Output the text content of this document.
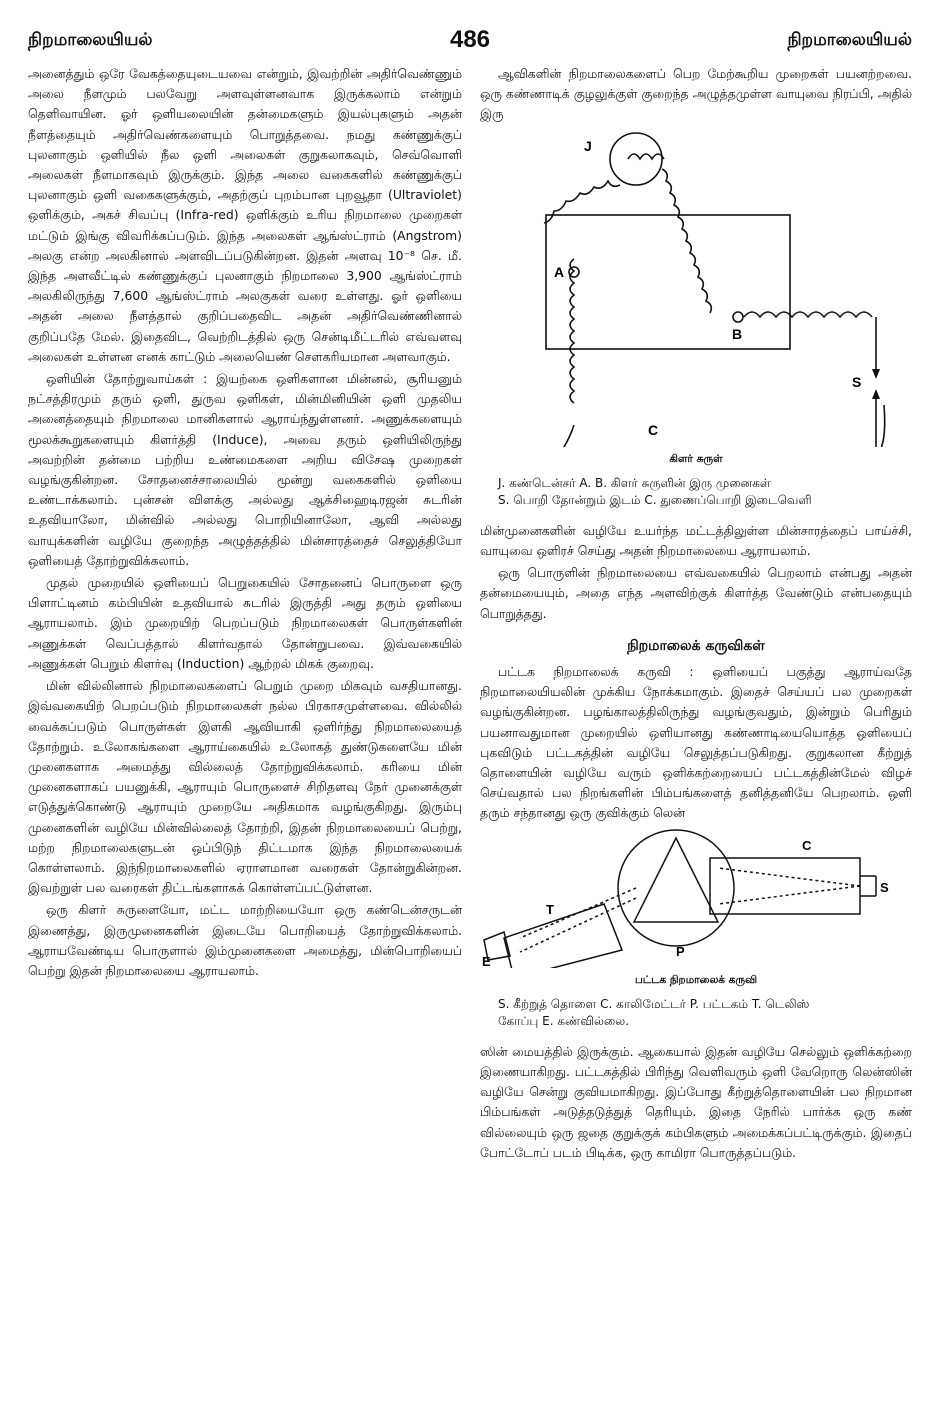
நிறமாலையியல்	486	நிறமாலையியல்

அனைத்தும் ஒரே வேகத்தையுடையவை என்றும், இவற்றின் அதிர்வெண்ணும் அலை நீளமும் பலவேறு அளவுள்ளனவாக இருக்கலாம் என்றும் தெளிவாயின. ஓர் ஒளியலையின் தன்மைகளும் இயல்புகளும் அதன் நீளத்தையும் அதிர்வெண்களையும் பொறுத்தவை. நமது கண்ணுக்குப் புலனாகும் ஒளியில் நீல ஒளி அலைகள் குறுகலாகவும், செவ்வொளி அலைகள் நீளமாகவும் இருக்கும். இந்த அலை வகைகளில் கண்ணுக்குப் புலனாகும் ஒளி வகைகளுக்கும், அதற்குப் புறம்பான புறவூதா (Ultraviolet) ஒளிக்கும், அகச் சிவப்பு (Infra-red) ஒளிக்கும் உரிய நிறமாலை முறைகள் மட்டும் இங்கு விவரிக்கப்படும். இந்த அலைகள் ஆங்ஸ்ட்ராம் (Angstrom) அலகு என்ற அலகினால் அளவிடப்படுகின்றன. இதன் அளவு 10⁻⁸ செ. மீ. இந்த அளவீட்டில் கண்ணுக்குப் புலனாகும் நிறமாலை 3,900 ஆங்ஸ்ட்ராம் அலகிலிருந்து 7,600 ஆங்ஸ்ட்ராம் அலகுகள் வரை உள்ளது. ஓர் ஒளியை அதன் அலை நீளத்தால் குறிப்பதைவிட அதன் அதிர்வெண்ணினால் குறிப்பதே மேல். இதைவிட, வெற்றிடத்தில் ஒரு சென்டிமீட்டரில் எவ்வளவு அலைகள் உள்ளன எனக் காட்டும் அலையெண் சௌகரியமான அளவாகும்.

ஒளியின் தோற்றுவாய்கள் : இயற்கை ஒளிகளான மின்னல், சூரியனும் நட்சத்திரமும் தரும் ஒளி, துருவ ஒளிகள், மின்மினியின் ஒளி முதலிய அனைத்தையும் நிறமாலை மானிகளால் ஆராய்ந்துள்ளனர். அணுக்களையும் மூலக்கூறுகளையும் கிளர்த்தி (Induce), அவை தரும் ஒளியிலிருந்து அவற்றின் தன்மை பற்றிய உண்மைகளை அறிய விசேஷ முறைகள் வழங்குகின்றன. சோதனைச்சாலையில் மூன்று வகைகளில் ஒளியை உண்டாக்கலாம். புன்சன் விளக்கு அல்லது ஆக்சிஹைடிரஜன் சுடரின் உதவியாலோ, மின்வில் அல்லது பொறியினாலோ, ஆவி அல்லது வாயுக்களின் வழியே குறைந்த அழுத்தத்தில் மின்சாரத்தைச் செலுத்தியோ ஒளியைத் தோற்றுவிக்கலாம்.

முதல் முறையில் ஒளியைப் பெறுகையில் சோதனைப் பொருளை ஒரு பிளாட்டினம் கம்பியின் உதவியால் சுடரில் இருத்தி அது தரும் ஒளியை ஆராயலாம். இம் முறையிற் பெறப்படும் நிறமாலைகள் பொருள்களின் அணுக்கள் வெப்பத்தால் கிளர்வதால் தோன்றுபவை. இவ்வகையில் அணுக்கள் பெறும் கிளர்வு (Induction) ஆற்றல் மிகக் குறைவு.

மின் வில்லினால் நிறமாலைகளைப் பெறும் முறை மிகவும் வசதியானது. இவ்வகையிற் பெறப்படும் நிறமாலைகள் நல்ல பிரகாசமுள்ளவை. வில்லில் வைக்கப்படும் பொருள்கள் இளகி ஆவியாகி ஒளிர்ந்து நிறமாலையைத் தோற்றும். உலோகங்களை ஆராய்கையில் உலோகத் துண்டுகளையே மின் முனைகளாக அமைத்து வில்லைத் தோற்றுவிக்கலாம். கரியை மின் முனைகளாகப் பயனுக்கி, ஆராயும் பொருளைச் சிறிதளவு நேர் முனைக்குள் எடுத்துக்கொண்டு ஆராயும் முறையே அதிகமாக வழங்குகிறது. இரும்பு முனைகளின் வழியே மின்வில்லைத் தோற்றி, இதன் நிறமாலையைப் பெற்று, மற்ற நிறமாலைகளுடன் ஒப்பிடுந் திட்டமாக இந்த நிறமாலையைக் கொள்ளலாம். இந்நிறமாலைகளில் ஏராளமான வரைகள் தோன்றுகின்றன. இவற்றுள் பல வரைகள் திட்டங்களாகக் கொள்ளப்பட்டுள்ளன.

ஒரு கிளர் சுருளையோ, மட்ட மாற்றியையோ ஒரு கண்டென்சருடன் இணைத்து, இருமுனைகளின் இடையே பொறியைத் தோற்றுவிக்கலாம். ஆராயவேண்டிய பொருளால் இம்முனைகளை அமைத்து, மின்பொறியைப் பெற்று இதன் நிறமாலையை ஆராயலாம்.

ஆவிகளின் நிறமாலைகளைப் பெற மேற்கூறிய முறைகள் பயனற்றவை. ஒரு கண்ணாடிக் குழலுக்குள் குறைந்த அழுத்தமுள்ள வாயுவை நிரப்பி, அதில் இரு

J
A
B
S
C
கிளர் சுருள்
J. கண்டென்சர் A. B. கிளர் சுருளின் இரு முனைகள்
S. பொறி தோன்றும் இடம் C. துணைப்பொறி இடைவெளி

மின்முனைகளின் வழியே உயர்ந்த மட்டத்திலுள்ள மின்சாரத்தைப் பாய்ச்சி, வாயுவை ஒளிரச் செய்து அதன் நிறமாலையை ஆராயலாம்.

ஒரு பொருளின் நிறமாலையை எவ்வகையில் பெறலாம் என்பது அதன் தன்மையையும், அதை எந்த அளவிற்குக் கிளர்த்த வேண்டும் என்பதையும் பொறுத்தது.

நிறமாலைக் கருவிகள்

பட்டக நிறமாலைக் கருவி : ஒளியைப் பகுத்து ஆராய்வதே நிறமாலையியலின் முக்கிய நோக்கமாகும். இதைச் செய்யப் பல முறைகள் வழங்குகின்றன. பழங்காலத்திலிருந்து வழங்குவதும், இன்றும் பெரிதும் பயனாவதுமான முறையில் ஒளியானது கண்ணாடியையொத்த ஒளியைப் புகவிடும் பட்டகத்தின் வழியே செலுத்தப்படுகிறது. குறுகலான கீற்றுத் தொளையின் வழியே வரும் ஒளிக்கற்றையைப் பட்டகத்தின்மேல் விழச் செய்வதால் பல நிறங்களின் பிம்பங்களைத் தனித்தனியே பெறலாம். ஒளி தரும் சந்தானது ஒரு குவிக்கும் லென்

T
C
S
P
E
பட்டக நிறமாலைக் கருவி
S. கீற்றுத் தொளை C. காலிமேட்டர் P. பட்டகம் T. டெலிஸ்
கோப்பு E. கண்வில்லை.

ஸின் மையத்தில் இருக்கும். ஆகையால் இதன் வழியே செல்லும் ஒளிக்கற்றை இணையாகிறது. பட்டகத்தில் பிரிந்து வெளிவரும் ஒளி வேறொரு லென்ஸின் வழியே சென்று குவியமாகிறது. இப்போது கீற்றுத்தொளையின் பல நிறமான பிம்பங்கள் அடுத்தடுத்துத் தெரியும். இதை நேரில் பார்க்க ஒரு கண் வில்லையும் ஒரு ஜதை குறுக்குக் கம்பிகளும் அமைக்கப்பட்டிருக்கும். இதைப் போட்டோப் படம் பிடிக்க, ஒரு காமிரா பொருத்தப்படும்.
